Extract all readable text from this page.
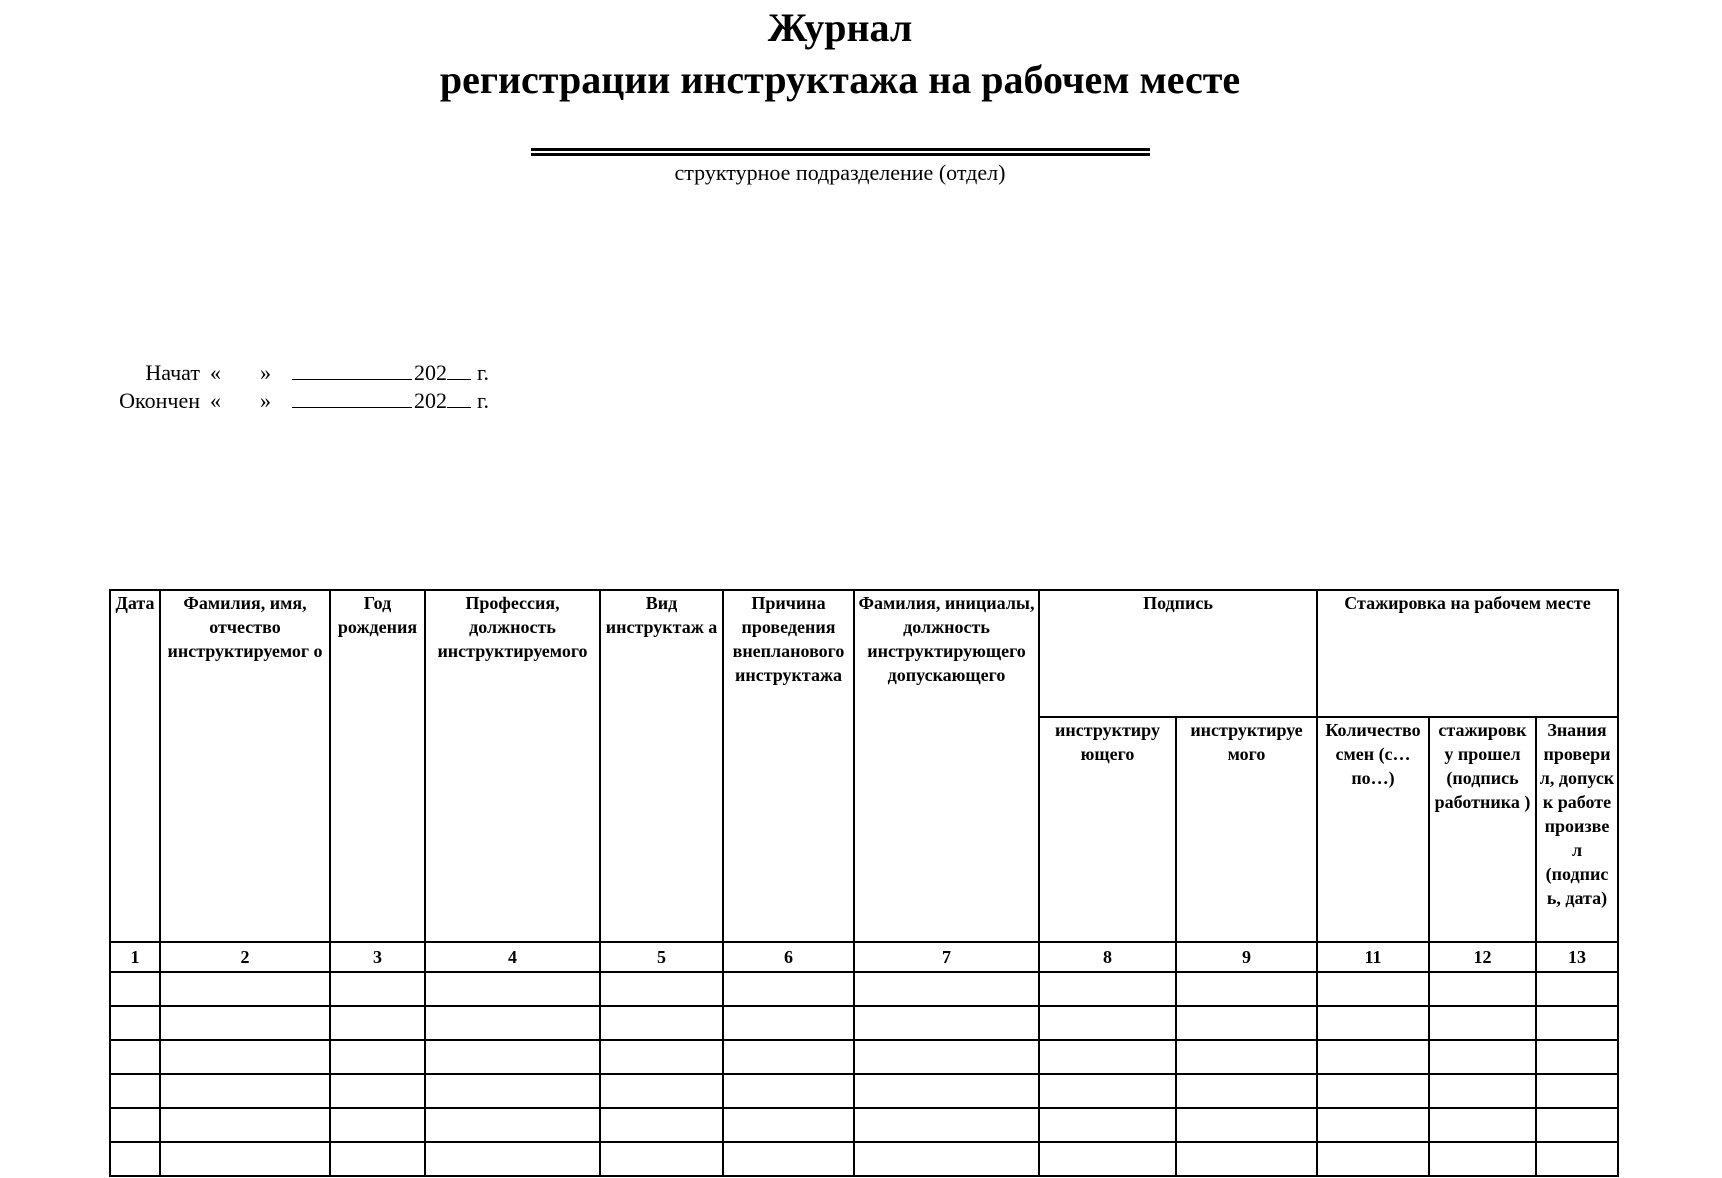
Журнал
регистрации инструктажа на рабочем месте
структурное подразделение (отдел)
Начат «	»	202 г.
Окончен «	»	202 г.
Дата	Фамилия, имя, отчество инструктируемог о	Год рождения	Профессия, должность инструктируемого	Вид инструктаж а	Причина проведения внепланового инструктажа	Фамилия, инициалы, должность инструктирующего допускающего	Подпись		Стажировка на рабочем месте		
							инструктиру ющего	инструктируе мого	Количество смен (с… по…)	стажировк у прошел (подпись работника )	Знания провери л, допуск к работе произве л (подпис ь, дата)
1	2	3	4	5	6	7	8	9	11	12	13
